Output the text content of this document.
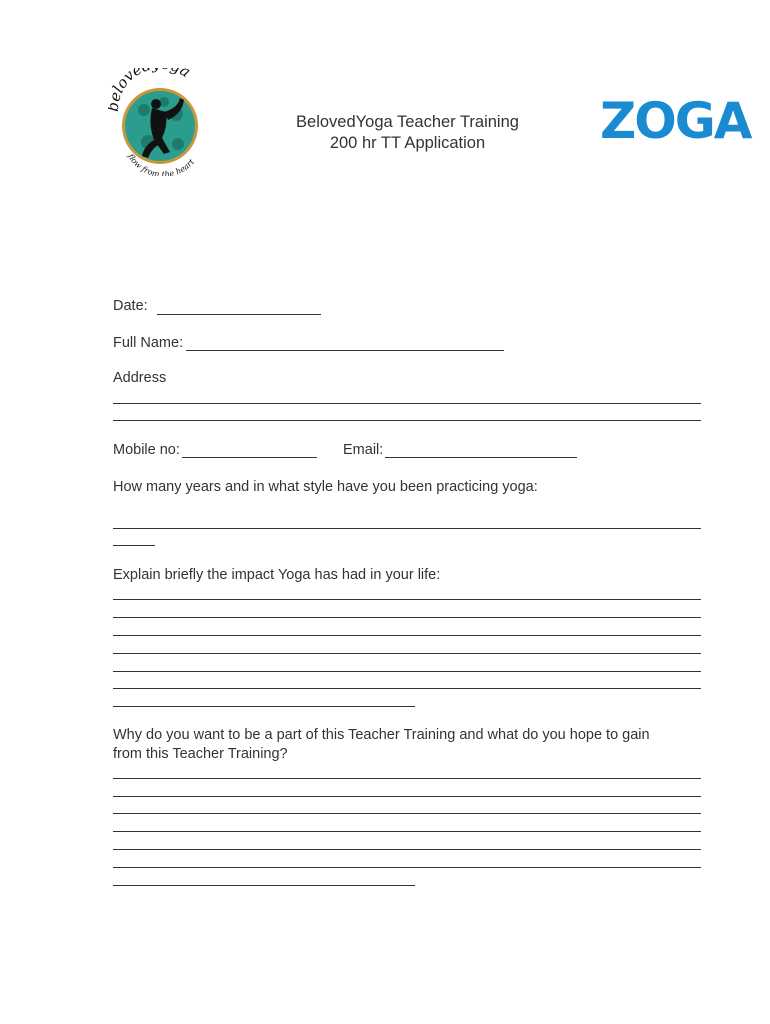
love a
flow from the heart
BelovedYoga Teacher Training
200 hr TT Application	ZOGA
Date:
Full Name:
Address
Mobile no:	Email:
How many years and in what style have you been practicing yoga:
Explain briefly the impact Yoga has had in your life:
Why do you want to be a part of this Teacher Training and what do you hope to gain
from this Teacher Training?
